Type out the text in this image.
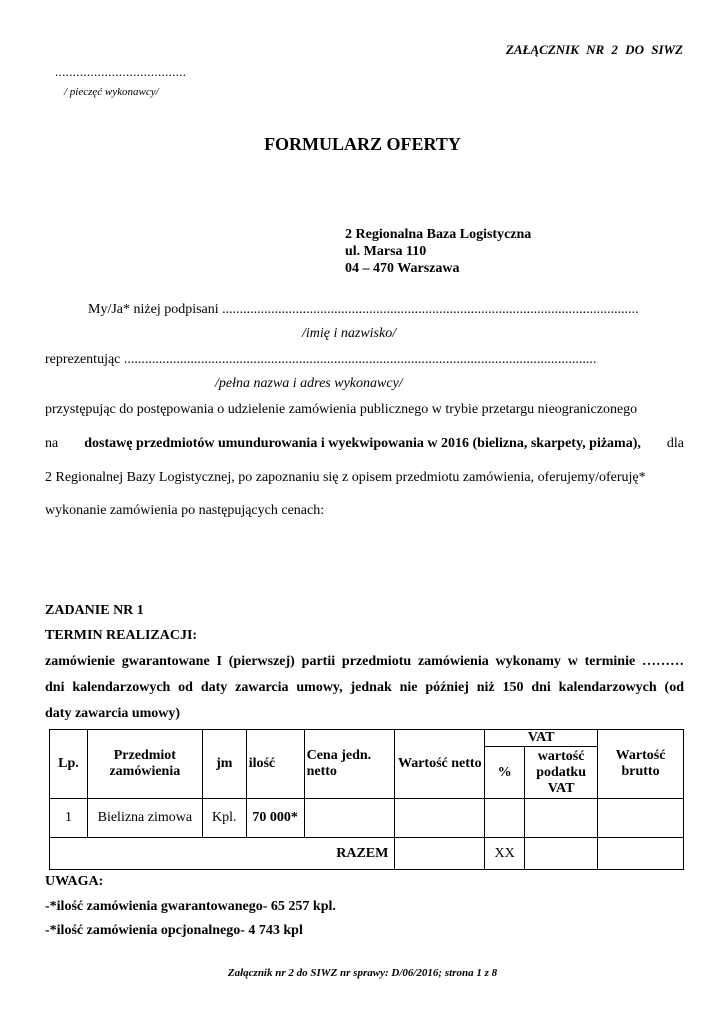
ZAŁĄCZNIK NR 2 DO SIWZ
.....................................
/ pieczęć wykonawcy/
FORMULARZ OFERTY
2 Regionalna Baza Logistyczna
ul. Marsa 110
04 – 470 Warszawa
My/Ja* niżej podpisani .......................................................................................................................
/imię i nazwisko/
reprezentując .......................................................................................................................................
/pełna nazwa i adres wykonawcy/
przystępując do postępowania o udzielenie zamówienia publicznego w trybie przetargu nieograniczonego
na dostawę przedmiotów umundurowania i wyekwipowania w 2016 (bielizna, skarpety, piżama), dla
2 Regionalnej Bazy Logistycznej, po zapoznaniu się z opisem przedmiotu zamówienia, oferujemy/oferuję*
wykonanie zamówienia po następujących cenach:
ZADANIE NR 1
TERMIN REALIZACJI:
zamówienie gwarantowane I (pierwszej) partii przedmiotu zamówienia wykonamy w terminie ………
dni kalendarzowych od daty zawarcia umowy, jednak nie później niż 150 dni kalendarzowych (od
daty zawarcia umowy)
Lp.	Przedmiot zamówienia	jm	ilość	Cena jedn. netto	Wartość netto	VAT		Wartość brutto
						%	wartość podatku VAT	
1	Bielizna zimowa	Kpl.	70 000*					
RAZEM						XX		
UWAGA:
-*ilość zamówienia gwarantowanego- 65 257 kpl.
-*ilość zamówienia opcjonalnego- 4 743 kpl
Załącznik nr 2 do SIWZ nr sprawy: D/06/2016; strona 1 z 8
